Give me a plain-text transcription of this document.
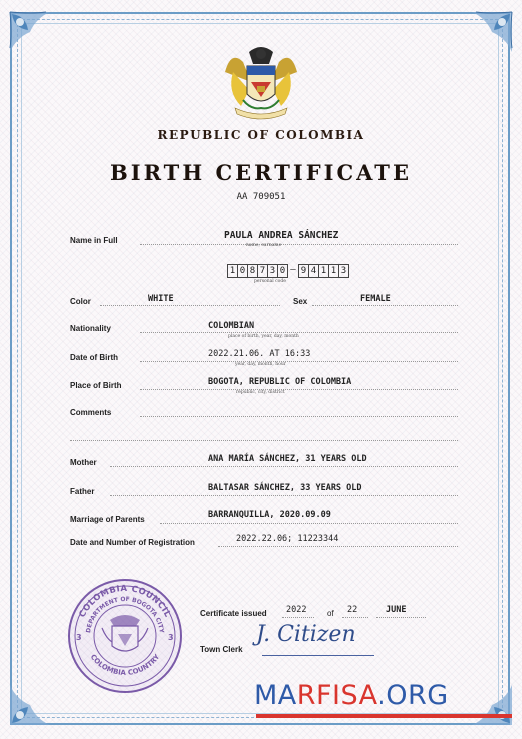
REPUBLIC OF COLOMBIA
BIRTH CERTIFICATE
AA 709051
Name in Full	PAULA ANDREA SÁNCHEZ
name, surname
1 0 8 7 3 0 – 9 4 1 1 3
personal code
Color	WHITE	Sex	FEMALE
Nationality	COLOMBIAN
place of birth, year, day, month
Date of Birth	2022.21.06. AT 16:33
year, day, month, hour
Place of Birth	BOGOTA, REPUBLIC OF COLOMBIA
republic, city, district
Comments
Mother	ANA MARÍA SÁNCHEZ, 31 YEARS OLD
Father	BALTASAR SÁNCHEZ, 33 YEARS OLD
Marriage of Parents	BARRANQUILLA, 2020.09.09
Date and Number of Registration	2022.22.06; 11223344
COLOMBIA COUNCIL
DEPARTMENT OF BOGOTA CITY
COLOMBIA COUNTRY
3	3
Certificate issued 2022	of 22	JUNE
Town Clerk
J. Citizen
MARFISA.ORG
